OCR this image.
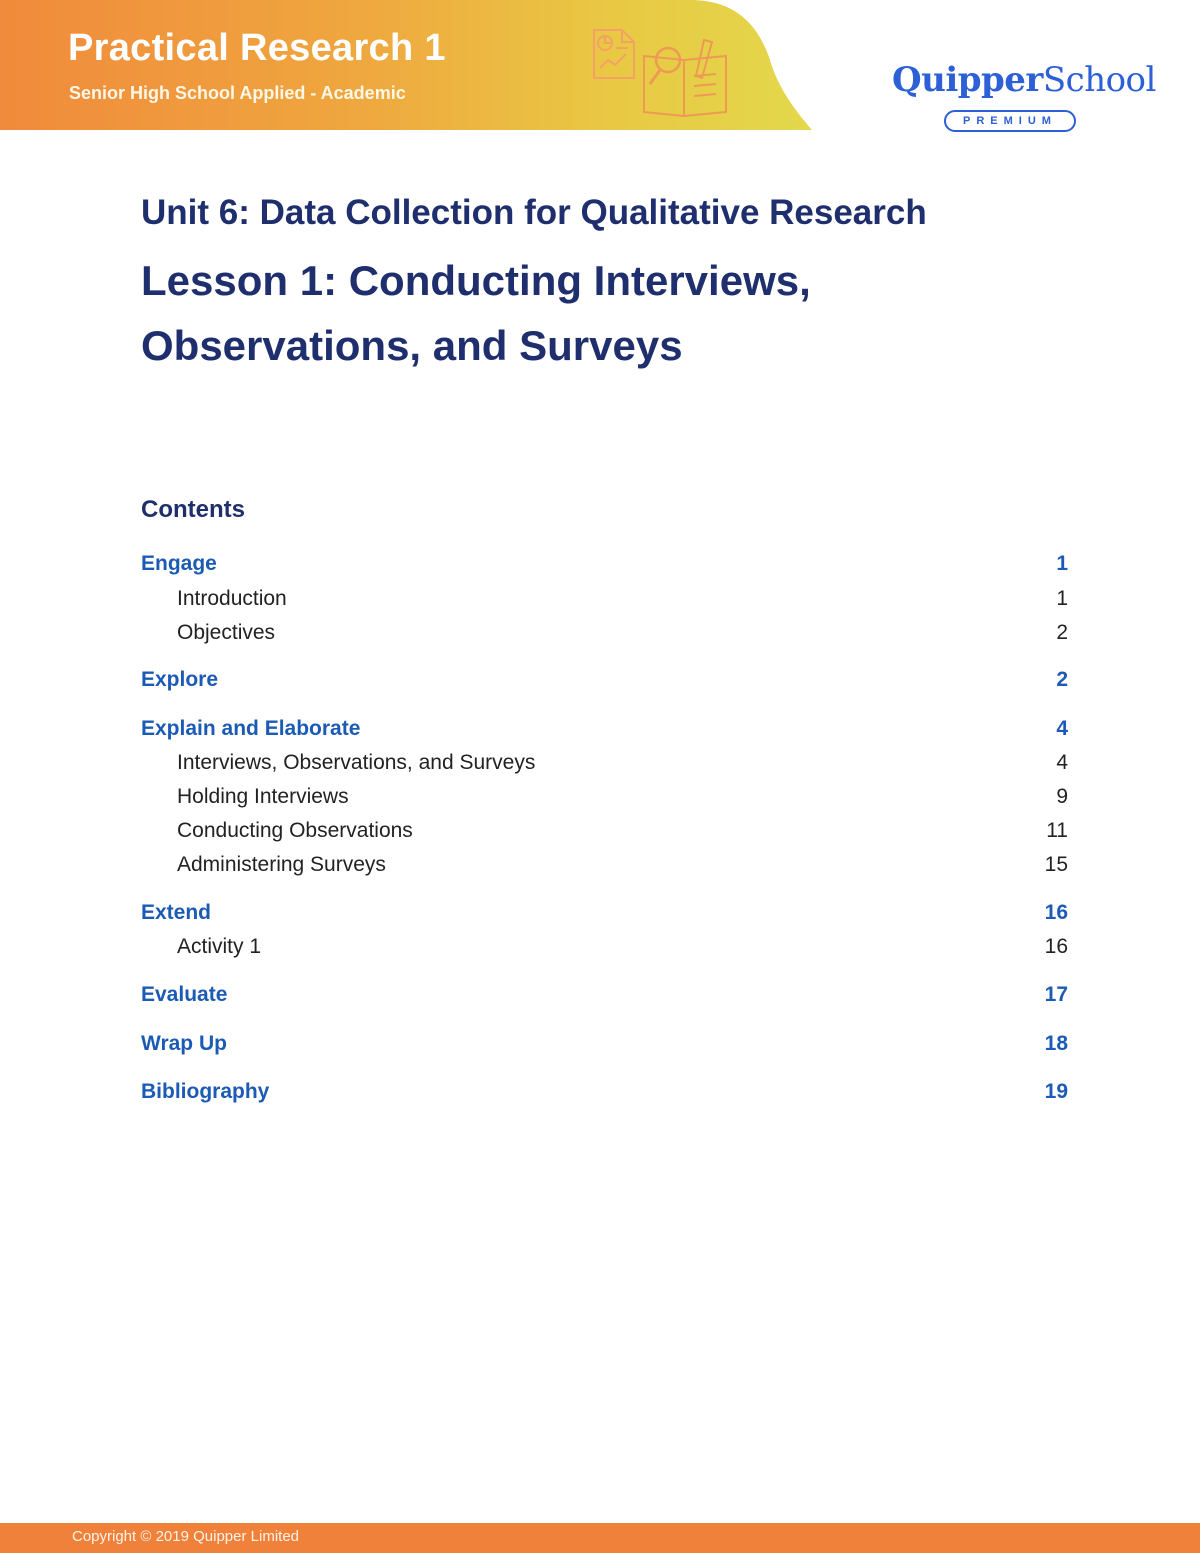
Practical Research 1
Senior High School Applied - Academic	QuipperSchool
PREMIUM
Unit 6: Data Collection for Qualitative Research
Lesson 1: Conducting Interviews, Observations, and Surveys
Contents
Engage	1
Introduction	1
Objectives	2
Explore	2
Explain and Elaborate	4
Interviews, Observations, and Surveys	4
Holding Interviews	9
Conducting Observations	11
Administering Surveys	15
Extend	16
Activity 1	16
Evaluate	17
Wrap Up	18
Bibliography	19
Copyright © 2019 Quipper Limited
